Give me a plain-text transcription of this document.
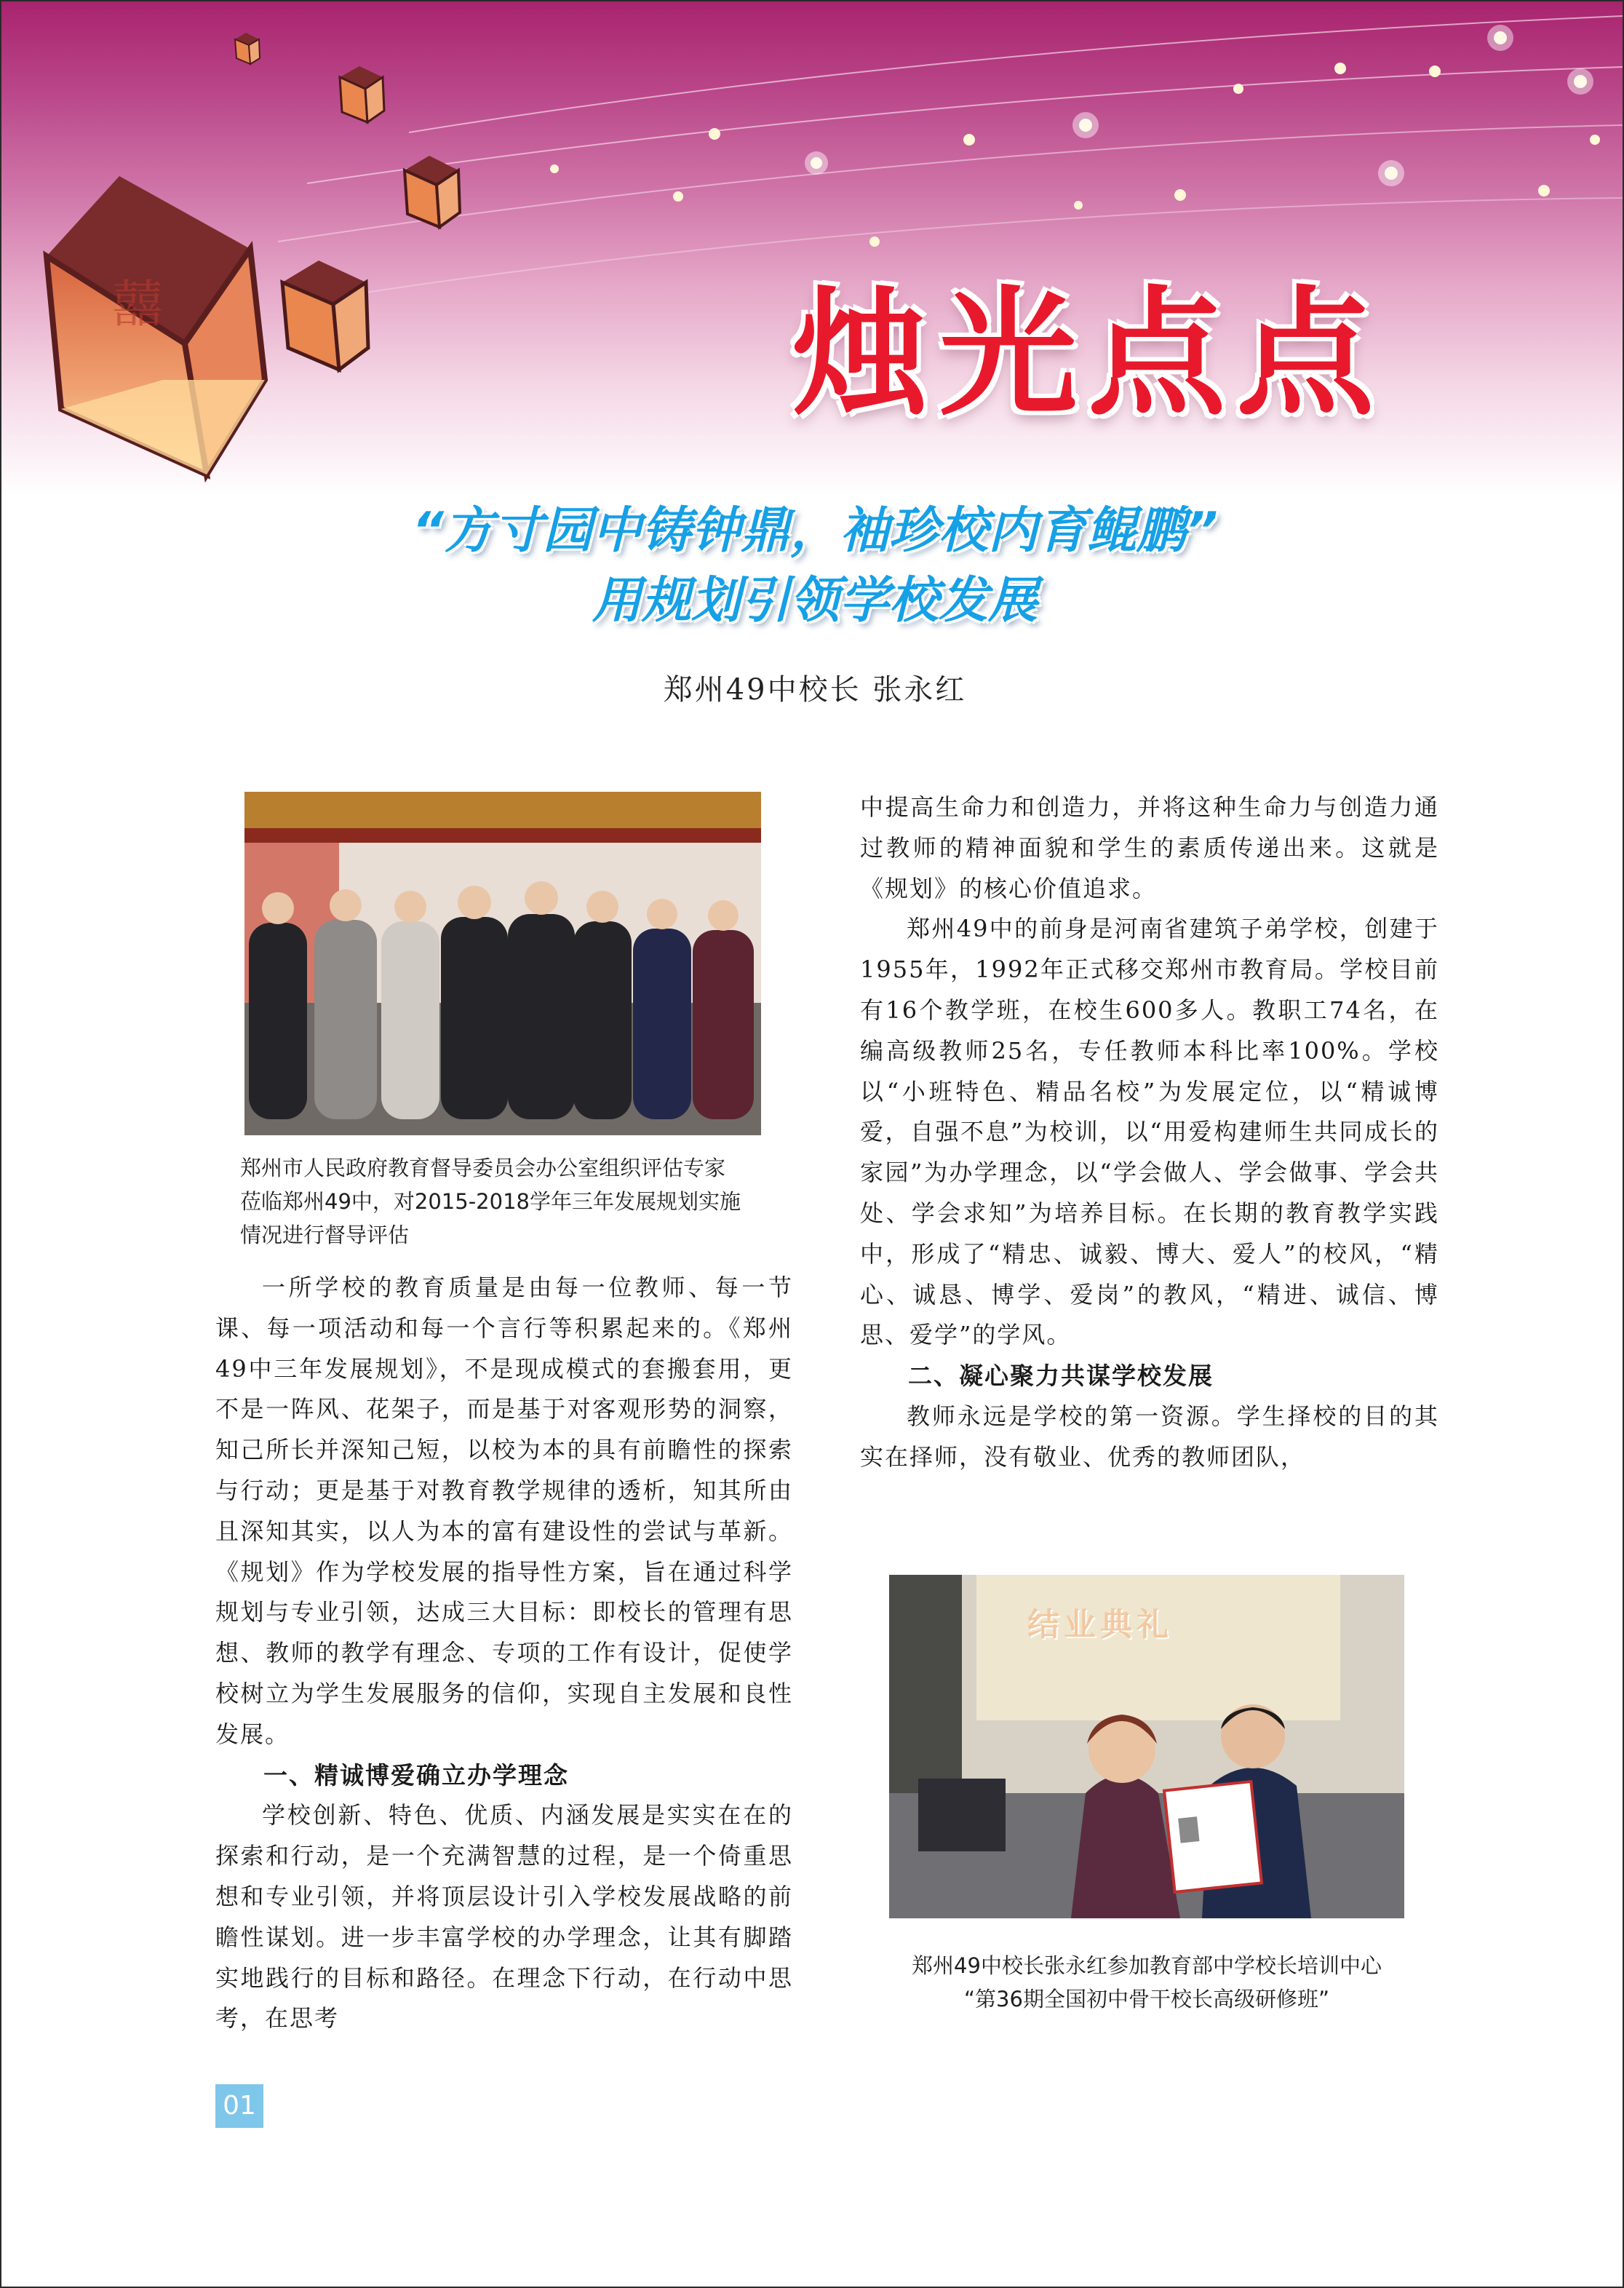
囍	烛光点点
“方寸园中铸钟鼎，袖珍校内育鲲鹏”
用规划引领学校发展
郑州49中校长 张永红
郑州市人民政府教育督导委员会办公室组织评估专家
莅临郑州49中，对2015-2018学年三年发展规划实施
情况进行督导评估

一所学校的教育质量是由每一位教师、每一节课、每一项活动和每一个言行等积累起来的。《郑州49中三年发展规划》，不是现成模式的套搬套用，更不是一阵风、花架子，而是基于对客观形势的洞察，知己所长并深知己短，以校为本的具有前瞻性的探索与行动；更是基于对教育教学规律的透析，知其所由且深知其实，以人为本的富有建设性的尝试与革新。《规划》作为学校发展的指导性方案，旨在通过科学规划与专业引领，达成三大目标：即校长的管理有思想、教师的教学有理念、专项的工作有设计，促使学校树立为学生发展服务的信仰，实现自主发展和良性发展。

一、精诚博爱确立办学理念

学校创新、特色、优质、内涵发展是实实在在的探索和行动，是一个充满智慧的过程，是一个倚重思想和专业引领，并将顶层设计引入学校发展战略的前瞻性谋划。进一步丰富学校的办学理念，让其有脚踏实地践行的目标和路径。在理念下行动，在行动中思考，在思考

中提高生命力和创造力，并将这种生命力与创造力通过教师的精神面貌和学生的素质传递出来。这就是《规划》的核心价值追求。

郑州49中的前身是河南省建筑子弟学校，创建于1955年，1992年正式移交郑州市教育局。学校目前有16个教学班，在校生600多人。教职工74名，在编高级教师25名，专任教师本科比率100%。学校以“小班特色、精品名校”为发展定位，以“精诚博爱，自强不息”为校训，以“用爱构建师生共同成长的家园”为办学理念，以“学会做人、学会做事、学会共处、学会求知”为培养目标。在长期的教育教学实践中，形成了“精忠、诚毅、博大、爱人”的校风，“精心、诚恳、博学、爱岗”的教风，“精进、诚信、博思、爱学”的学风。

二、凝心聚力共谋学校发展

教师永远是学校的第一资源。学生择校的目的其实在择师，没有敬业、优秀的教师团队，

结业典礼
郑州49中校长张永红参加教育部中学校长培训中心
“第36期全国初中骨干校长高级研修班”
01
